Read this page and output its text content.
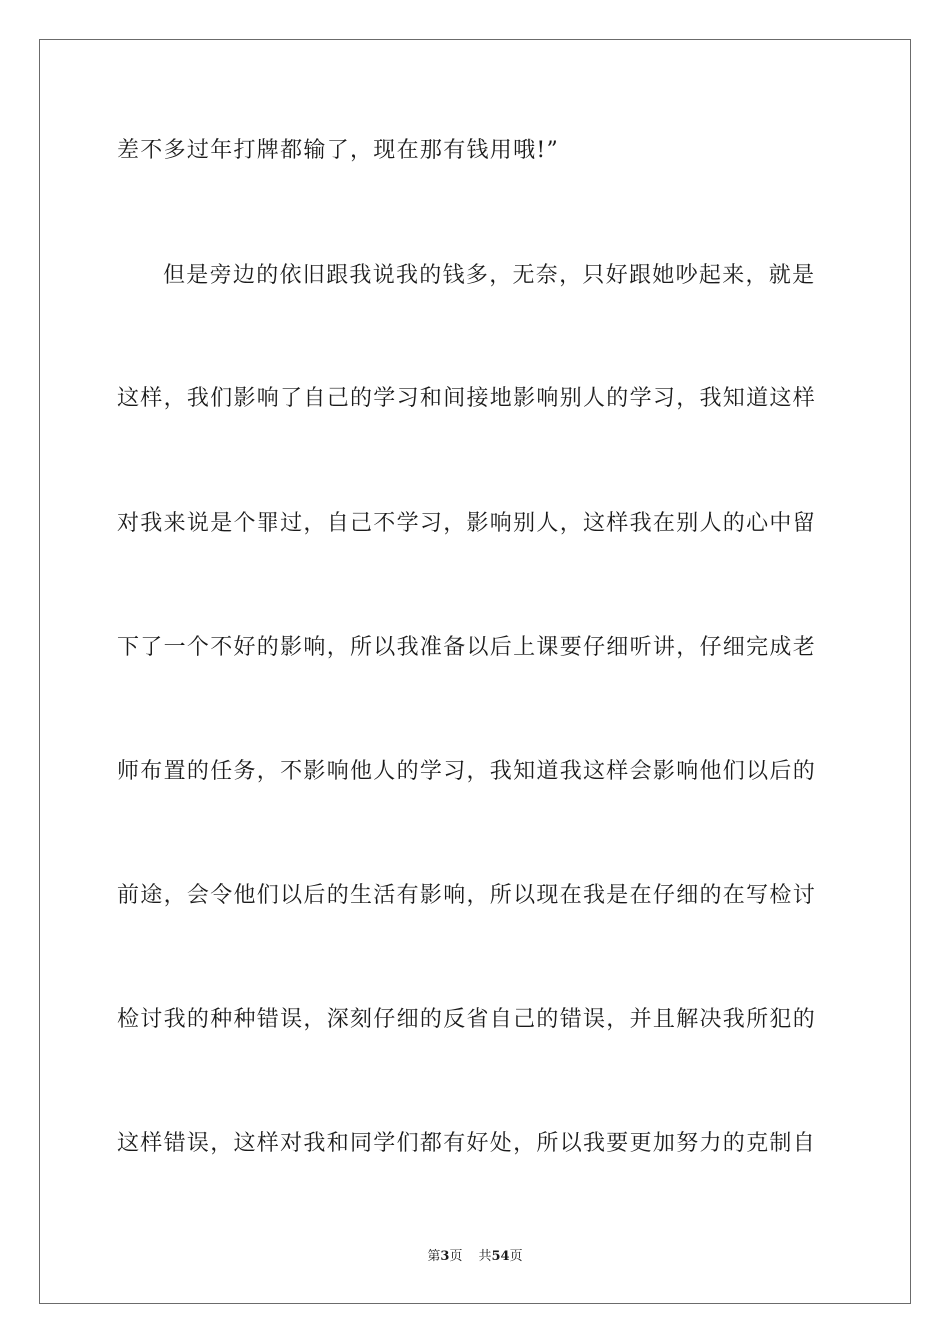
差不多过年打牌都输了，现在那有钱用哦!”
但是旁边的依旧跟我说我的钱多，无奈，只好跟她吵起来，就是
这样，我们影响了自己的学习和间接地影响别人的学习，我知道这样
对我来说是个罪过，自己不学习，影响别人，这样我在别人的心中留
下了一个不好的影响，所以我准备以后上课要仔细听讲，仔细完成老
师布置的任务，不影响他人的学习，我知道我这样会影响他们以后的
前途，会令他们以后的生活有影响，所以现在我是在仔细的在写检讨
检讨我的种种错误，深刻仔细的反省自己的错误，并且解决我所犯的
这样错误，这样对我和同学们都有好处，所以我要更加努力的克制自
第3页 共54页
